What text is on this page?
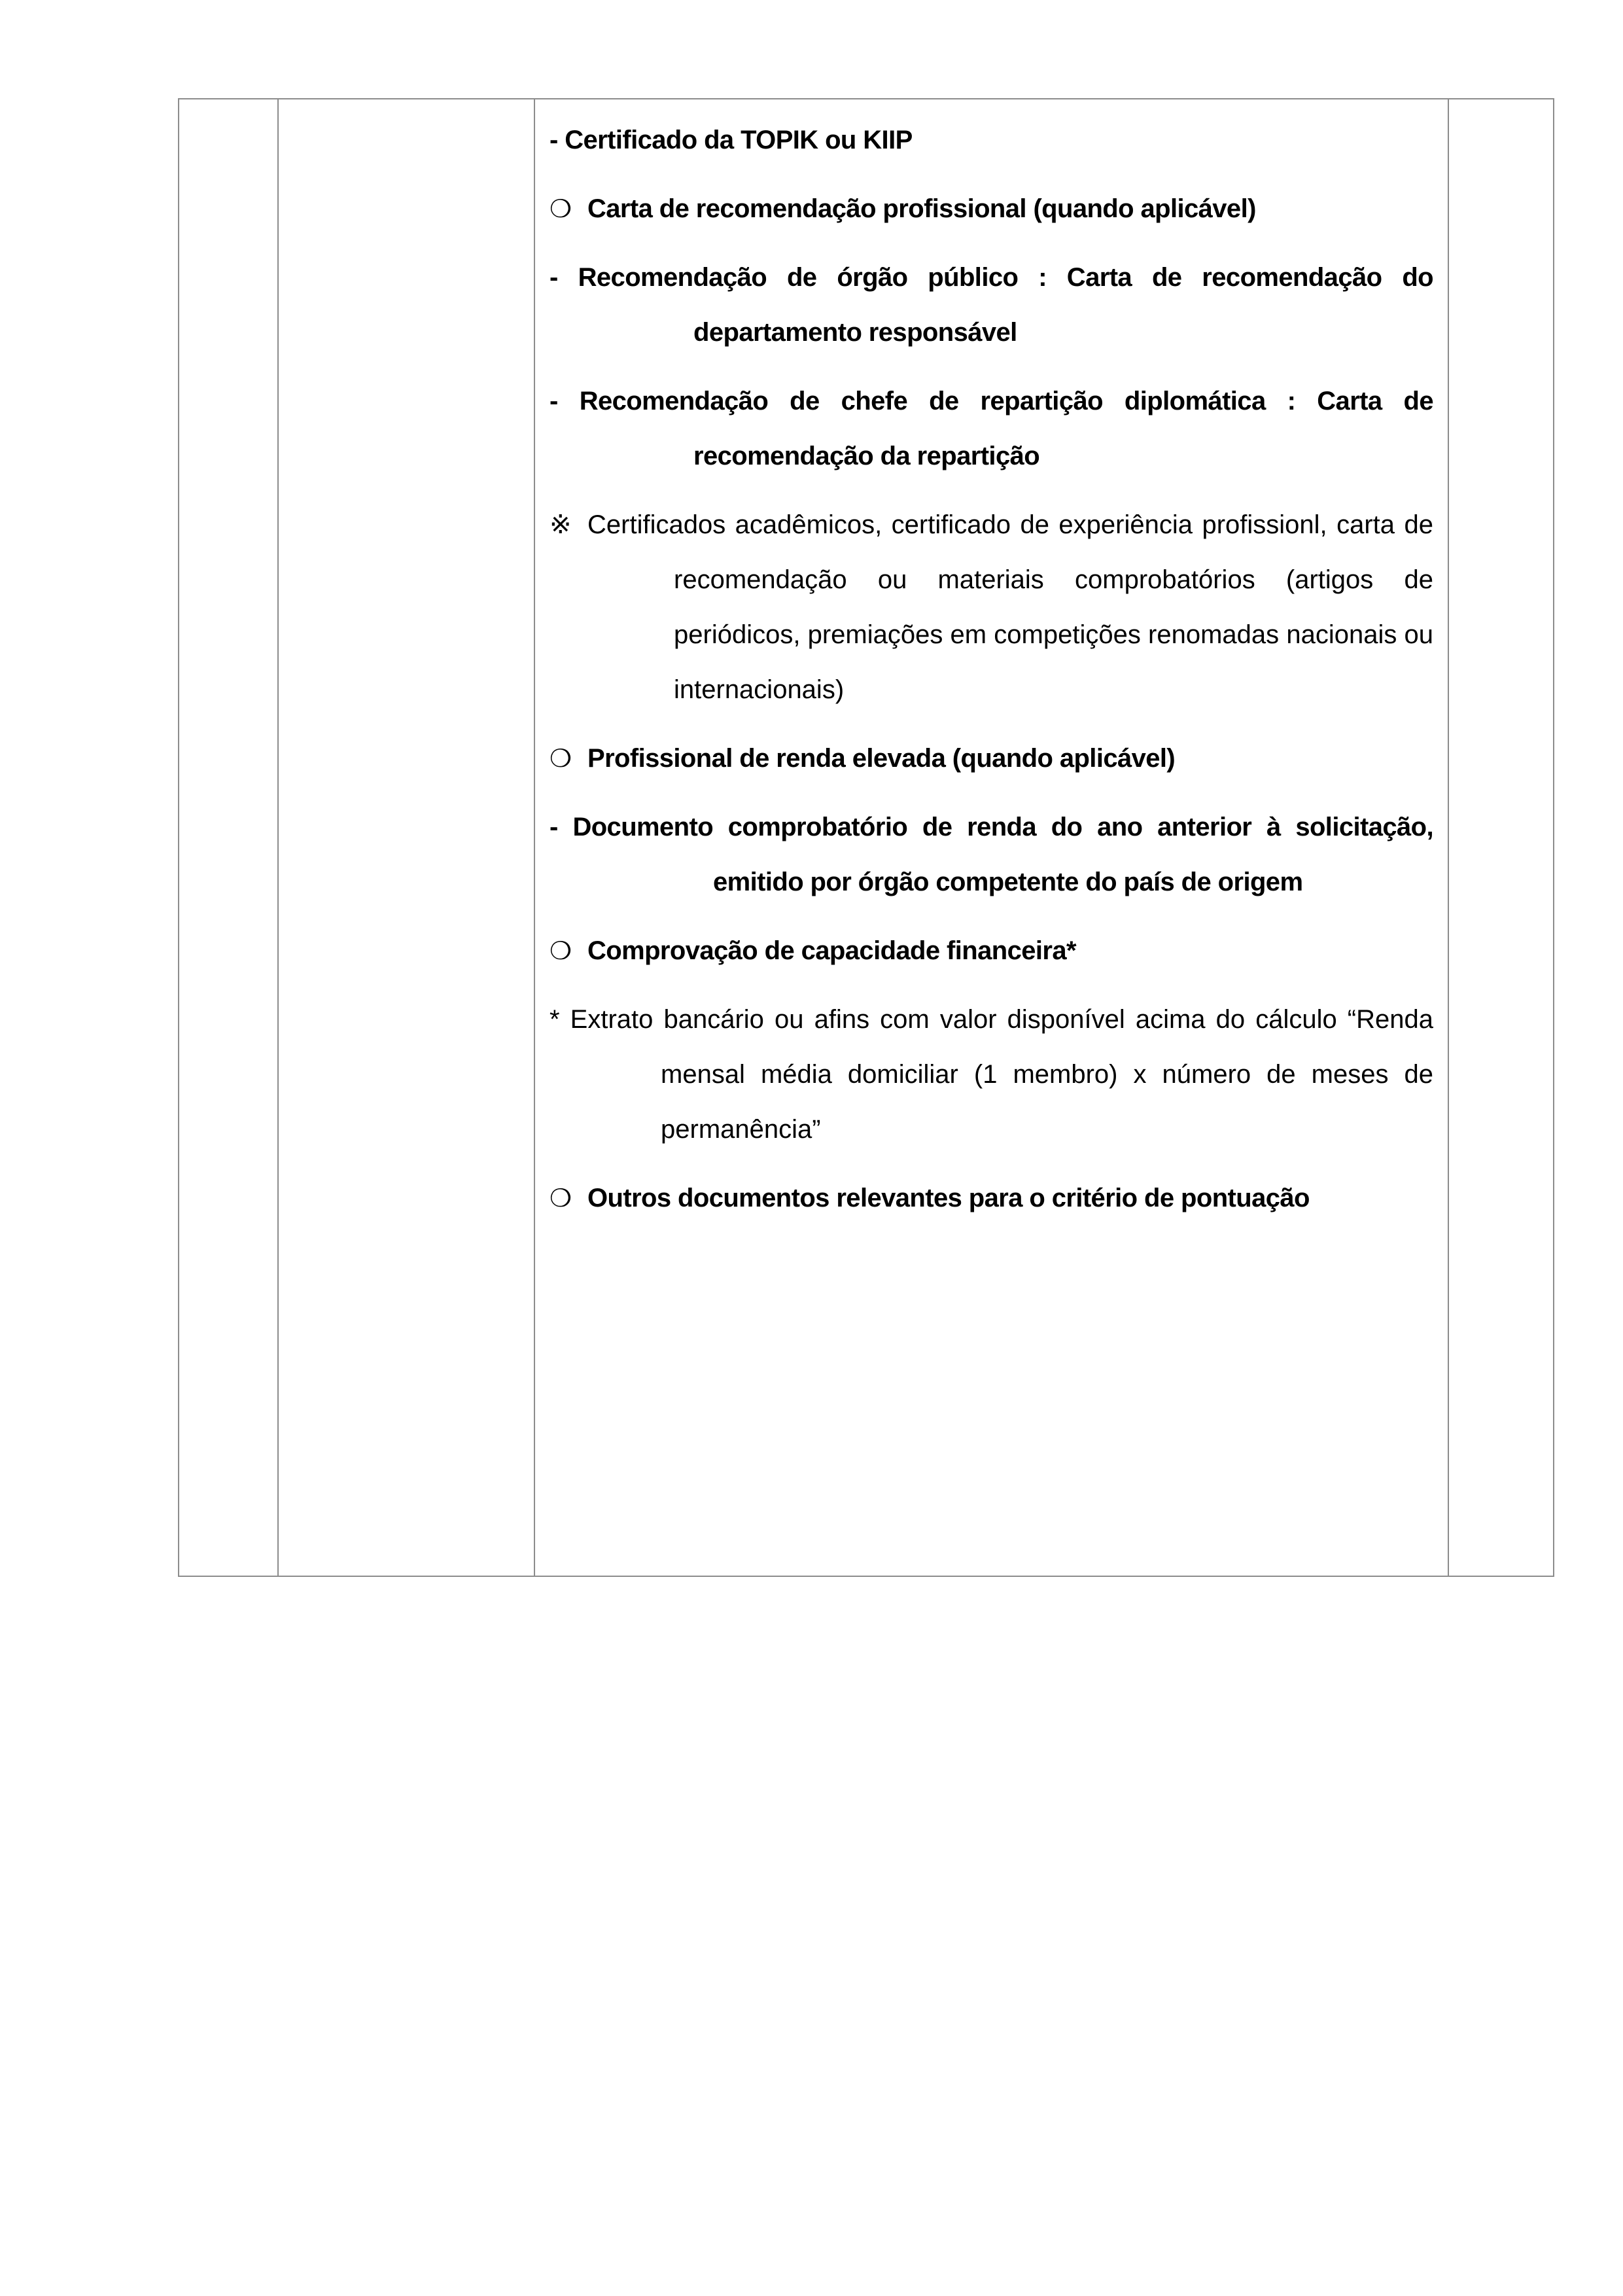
- Certificado da TOPIK ou KIIP

❍ Carta de recomendação profissional (quando aplicável)

- Recomendação de órgão público : Carta de recomendação do departamento responsável

- Recomendação de chefe de repartição diplomática : Carta de recomendação da repartição

※ Certificados acadêmicos, certificado de experiência profissionl, carta de recomendação ou materiais comprobatórios (artigos de periódicos, premiações em competições renomadas nacionais ou internacionais)

❍ Profissional de renda elevada (quando aplicável)

- Documento comprobatório de renda do ano anterior à solicitação, emitido por órgão competente do país de origem

❍ Comprovação de capacidade financeira*

* Extrato bancário ou afins com valor disponível acima do cálculo “Renda mensal média domiciliar (1 membro) x número de meses de permanência”

❍ Outros documentos relevantes para o critério de pontuação
